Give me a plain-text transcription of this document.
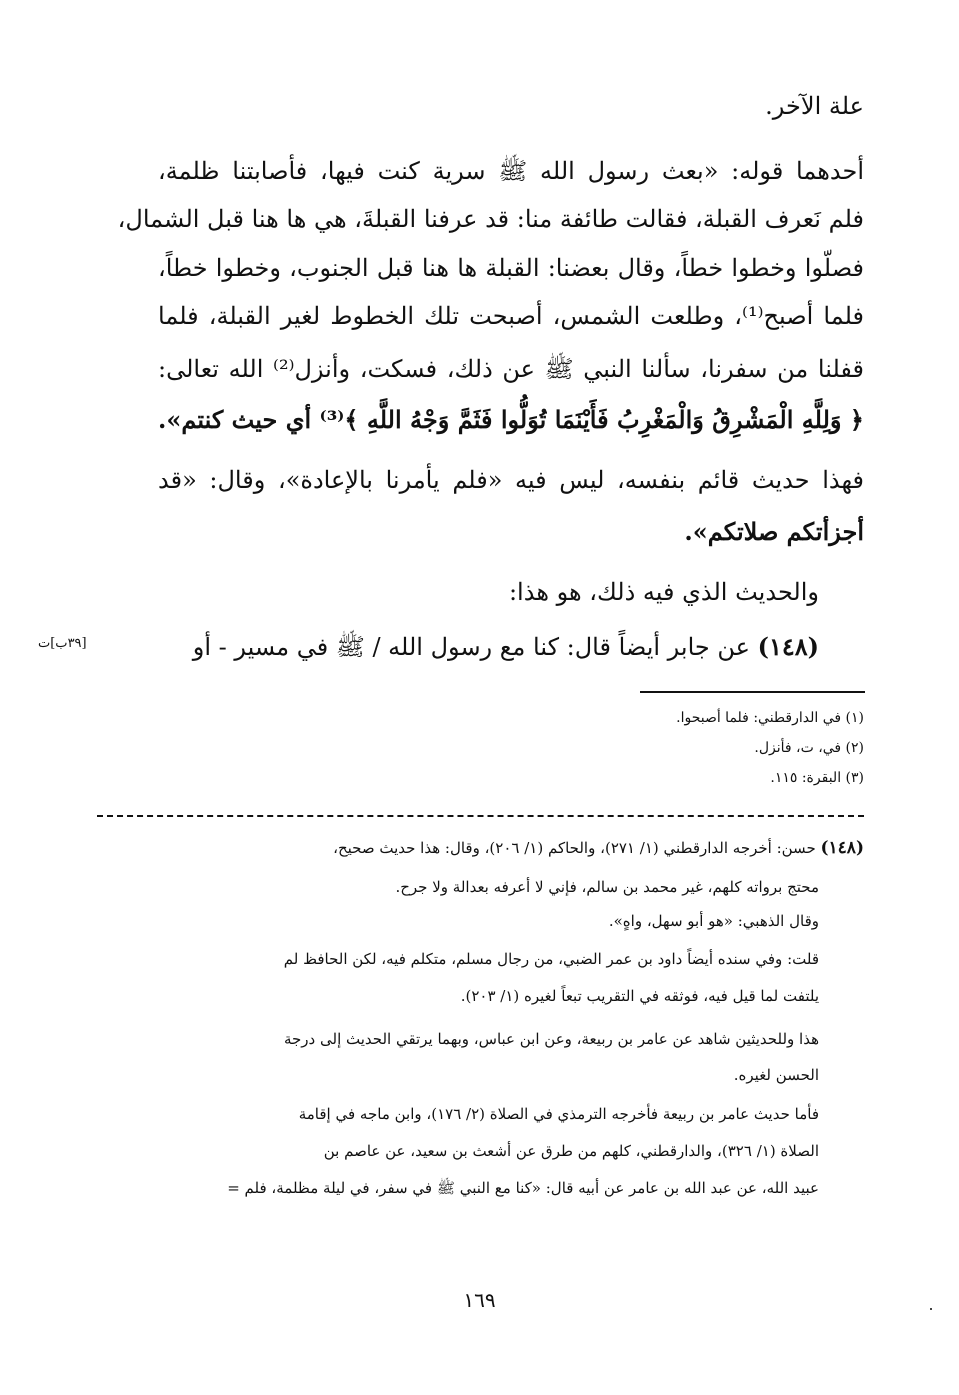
علة الآخر.
أحدهما قوله: «بعث رسول الله ﷺ سرية كنت فيها، فأصابتنا ظلمة،
فلم نَعرف القبلة، فقالت طائفة منا: قد عرفنا القبلةَ، هي ها هنا قبل الشمال،
فصلّوا وخطوا خطاً، وقال بعضنا: القبلة ها هنا قبل الجنوب، وخطوا خطاً،
فلما أصبح⁽¹⁾، وطلعت الشمس، أصبحت تلك الخطوط لغير القبلة، فلما
قفلنا من سفرنا، سألنا النبي ﷺ عن ذلك، فسكت، وأنزل⁽²⁾ الله تعالى:
﴿ وَلِلَّهِ الْمَشْرِقُ وَالْمَغْرِبُ فَأَيْنَمَا تُوَلُّوا فَثَمَّ وَجْهُ اللَّهِ ﴾⁽³⁾ أي حيث كنتم».
فهذا حديث قائم بنفسه، ليس فيه «فلم يأمرنا بالإعادة»، وقال: «قد
أجزأتكم صلاتكم».
والحديث الذي فيه ذلك، هو هذا:
(١٤٨) عن جابر أيضاً قال: كنا مع رسول الله / ﷺ في مسير - أو
[٣٩ب]ت
(١) في الدارقطني: فلما أصبحوا.
(٢) في، ت، فأنزل.
(٣) البقرة: ١١٥.
(١٤٨) حسن: أخرجه الدارقطني (١/ ٢٧١)، والحاكم (١/ ٢٠٦)، وقال: هذا حديث صحيح،
محتج برواته كلهم، غير محمد بن سالم، فإني لا أعرفه بعدالة ولا جرح.
وقال الذهبي: «هو أبو سهل، واهٍ».
قلت: وفي سنده أيضاً داود بن عمر الضبي، من رجال مسلم، متكلم فيه، لكن الحافظ لم
يلتفت لما قيل فيه، فوثقه في التقريب تبعاً لغيره (١/ ٢٠٣).
هذا وللحديثين شاهد عن عامر بن ربيعة، وعن ابن عباس، وبهما يرتقي الحديث إلى درجة
الحسن لغيره.
فأما حديث عامر بن ربيعة فأخرجه الترمذي في الصلاة (٢/ ١٧٦)، وابن ماجه في إقامة
الصلاة (١/ ٣٢٦)، والدارقطني، كلهم من طرق عن أشعث بن سعيد، عن عاصم بن
عبيد الله، عن عبد الله بن عامر عن أبيه قال: «كنا مع النبي ﷺ في سفر، في ليلة مظلمة، فلم =
١٦٩
